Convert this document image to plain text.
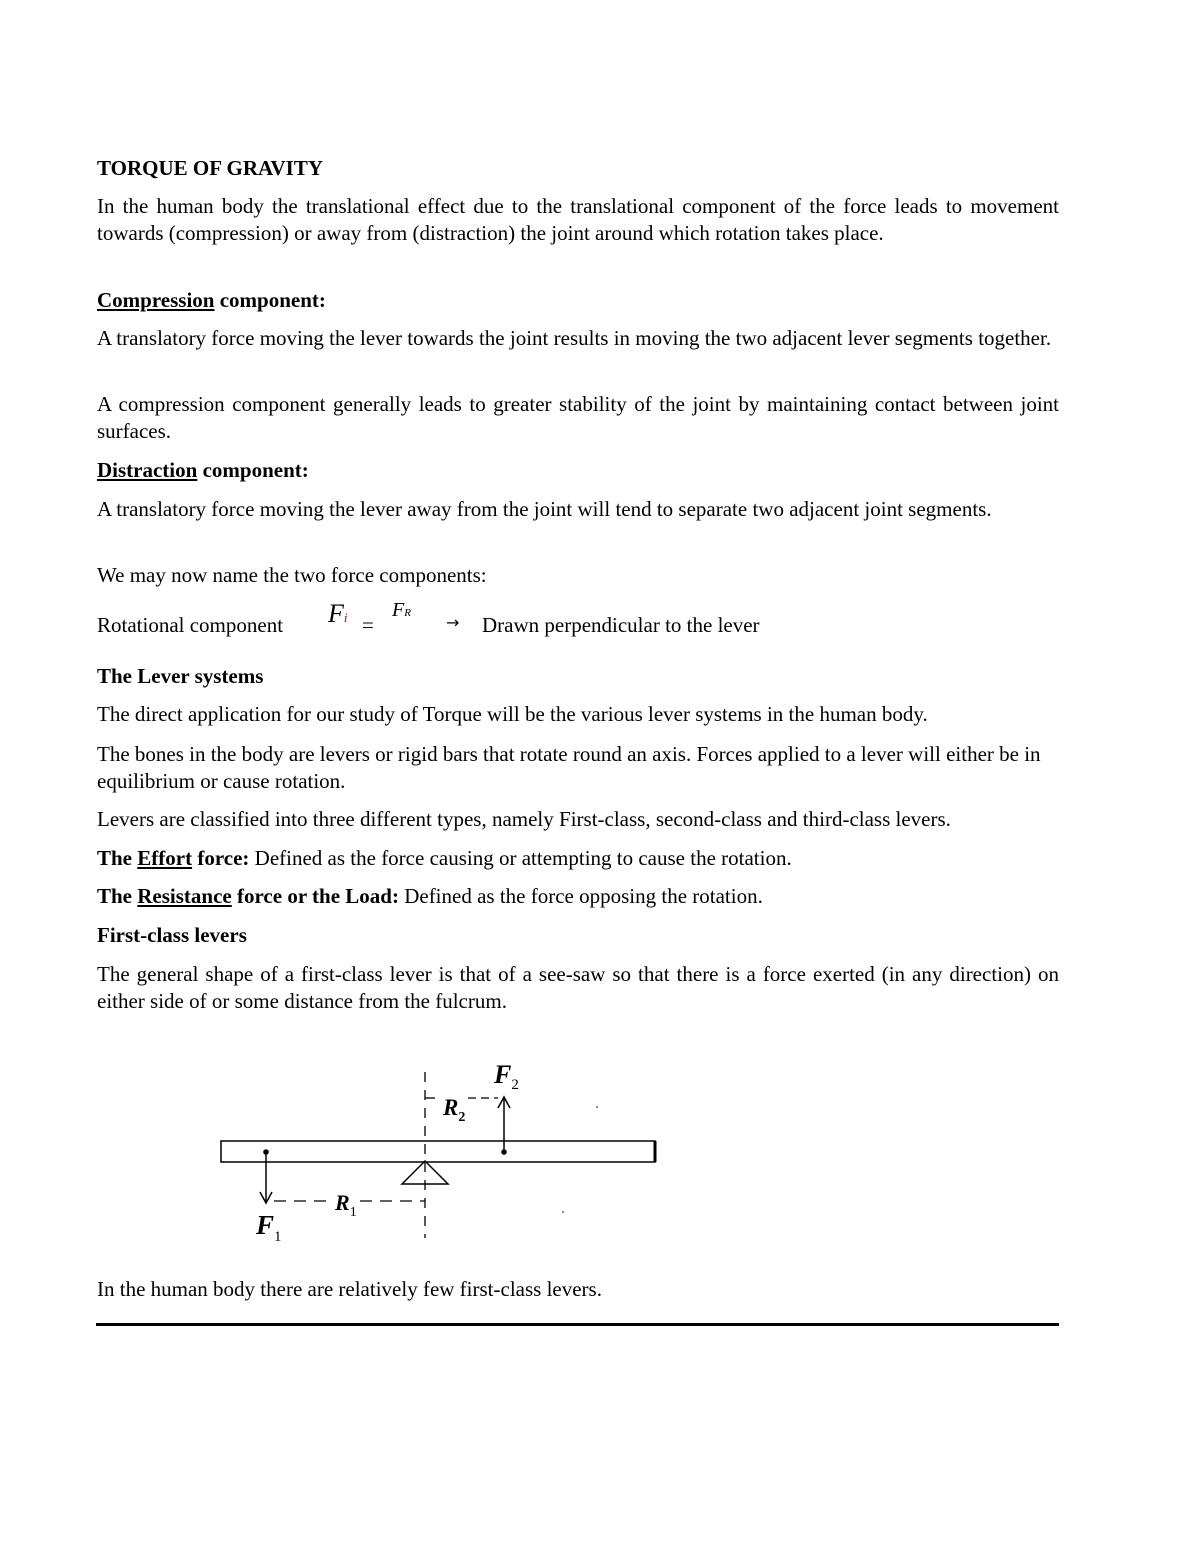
TORQUE OF GRAVITY

In the human body the translational effect due to the translational component of the force leads to movement towards (compression) or away from (distraction) the joint around which rotation takes place.

Compression component:

A translatory force moving the lever towards the joint results in moving the two adjacent lever segments together.

A compression component generally leads to greater stability of the joint by maintaining contact between joint surfaces.

Distraction component:

A translatory force moving the lever away from the joint will tend to separate two adjacent joint segments.

We may now name the two force components:

Rotational component Fi =
FR → Drawn perpendicular to the lever

The Lever systems

The direct application for our study of Torque will be the various lever systems in the human body.

The bones in the body are levers or rigid bars that rotate round an axis. Forces applied to a lever will either be in equilibrium or cause rotation.

Levers are classified into three different types, namely First-class, second-class and third-class levers.

The Effort force: Defined as the force causing or attempting to cause the rotation.

The Resistance force or the Load: Defined as the force opposing the rotation.

First-class levers

The general shape of a first-class lever is that of a see-saw so that there is a force exerted (in any direction) on either side of or some distance from the fulcrum.

$F_2$
$R_2$
$R_1$
$F_1$

In the human body there are relatively few first-class levers.
